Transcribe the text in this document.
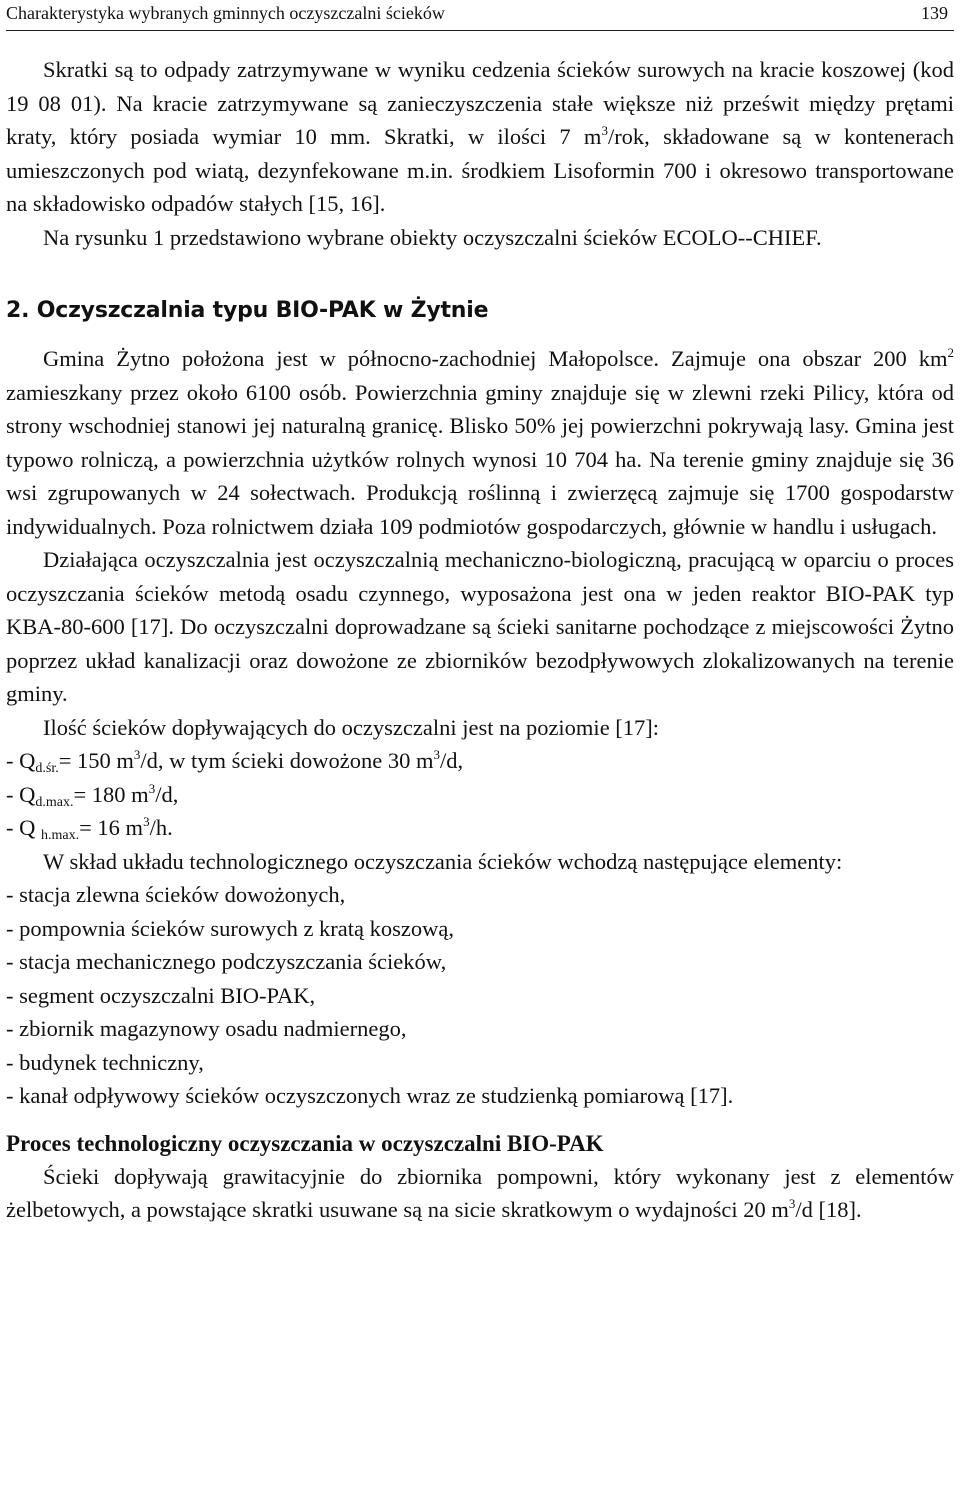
Charakterystyka wybranych gminnych oczyszczalni ścieków	139

Skratki są to odpady zatrzymywane w wyniku cedzenia ścieków surowych na kracie koszowej (kod 19 08 01). Na kracie zatrzymywane są zanieczyszczenia stałe większe niż prześwit między prętami kraty, który posiada wymiar 10 mm. Skratki, w ilości 7 $m^3$/rok, składowane są w kontenerach umieszczonych pod wiatą, dezynfekowane m.in. środkiem Lisoformin 700 i okresowo transportowane na składowisko odpadów stałych [15, 16].

Na rysunku 1 przedstawiono wybrane obiekty oczyszczalni ścieków ECOLO--CHIEF.

2. Oczyszczalnia typu BIO-PAK w Żytnie

Gmina Żytno położona jest w północno-zachodniej Małopolsce. Zajmuje ona obszar 200 $km^2$ zamieszkany przez około 6100 osób. Powierzchnia gminy znajduje się w zlewni rzeki Pilicy, która od strony wschodniej stanowi jej naturalną granicę. Blisko 50% jej powierzchni pokrywają lasy. Gmina jest typowo rolniczą, a powierzchnia użytków rolnych wynosi 10 704 ha. Na terenie gminy znajduje się 36 wsi zgrupowanych w 24 sołectwach. Produkcją roślinną i zwierzęcą zajmuje się 1700 gospodarstw indywidualnych. Poza rolnictwem działa 109 podmiotów gospodarczych, głównie w handlu i usługach.

Działająca oczyszczalnia jest oczyszczalnią mechaniczno-biologiczną, pracującą w oparciu o proces oczyszczania ścieków metodą osadu czynnego, wyposażona jest ona w jeden reaktor BIO-PAK typ KBA-80-600 [17]. Do oczyszczalni doprowadzane są ścieki sanitarne pochodzące z miejscowości Żytno poprzez układ kanalizacji oraz dowożone ze zbiorników bezodpływowych zlokalizowanych na terenie gminy.

Ilość ścieków dopływających do oczyszczalni jest na poziomie [17]:

- $Q_{d.śr.}= 150$ $m^3/d$, w tym ścieki dowożone 30 $m^3/d$,
- $Q_{d.max.}= 180$ $m^3/d$,
- Q $_{h.max.}$= 16 $m^3/h$.

W skład układu technologicznego oczyszczania ścieków wchodzą następujące elementy:

- stacja zlewna ścieków dowożonych,
- pompownia ścieków surowych z kratą koszową,
- stacja mechanicznego podczyszczania ścieków,
- segment oczyszczalni BIO-PAK,
- zbiornik magazynowy osadu nadmiernego,
- budynek techniczny,
- kanał odpływowy ścieków oczyszczonych wraz ze studzienką pomiarową [17].
Proces technologiczny oczyszczania w oczyszczalni BIO-PAK

Ścieki dopływają grawitacyjnie do zbiornika pompowni, który wykonany jest z elementów żelbetowych, a powstające skratki usuwane są na sicie skratkowym o wydajności 20 $m^3/d$ [18].
